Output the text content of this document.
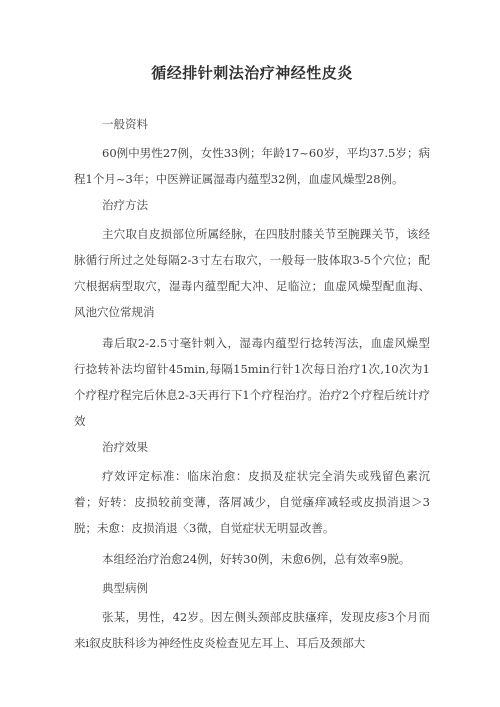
循经排针刺法治疗神经性皮炎

一般资料

60例中男性27例，女性33例；年龄17~60岁，平均37.5岁；病程1个月~3年；中医辨证属湿毒内蕴型32例，血虚风燥型28例。

治疗方法

主穴取自皮损部位所属经脉，在四肢肘膝关节至腕踝关节，该经脉循行所过之处每隔2-3寸左右取穴，一般每一肢体取3-5个穴位；配穴根据病型取穴，湿毒内蕴型配大冲、足临泣；血虚风燥型配血海、风池穴位常规消

毒后取2-2.5寸毫针刺入，湿毒内蕴型行捻转泻法，血虚风燥型行捻转补法均留针45min,每隔15min行针1次每日治疗1次,10次为1个疗程疗程完后休息2-3天再行下1个疗程治疗。治疗2个疗程后统计疗效

治疗效果

疗效评定标准：临床治愈：皮损及症状完全消失或残留色素沉着；好转：皮损较前变薄，落屑减少，自觉瘙痒减轻或皮损消退＞3脱；未愈：皮损消退〈3微，自觉症状无明显改善。

本组经治疗治愈24例，好转30例，未愈6例，总有效率9脱。

典型病例

张某，男性，42岁。因左侧头颈部皮肤瘙痒，发现皮疹3个月而来i叙皮肤科诊为神经性皮炎检查见左耳上、耳后及颈部大
